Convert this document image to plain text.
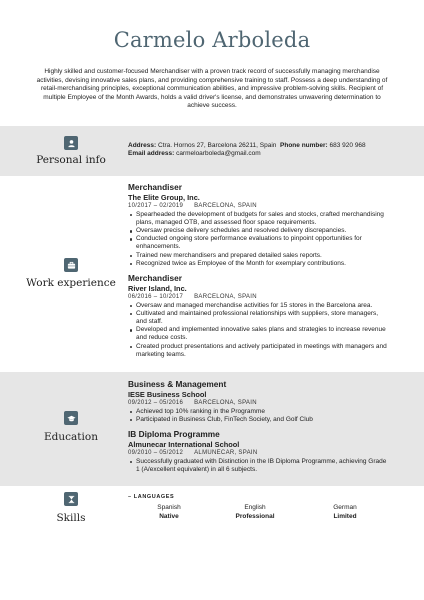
Carmelo Arboleda
Highly skilled and customer-focused Merchandiser with a proven track record of successfully managing merchandise activities, devising innovative sales plans, and providing comprehensive training to staff. Possess a deep understanding of retail-merchandising principles, exceptional communication abilities, and impressive problem-solving skills. Recipient of multiple Employee of the Month Awards, holds a valid driver's license, and demonstrates unwavering determination to achieve success.
Personal info
Address: Ctra. Hornos 27, Barcelona 26211, Spain Phone number: 683 920 968
Email address: carmeloarboleda@gmail.com
Work experience
Merchandiser
The Elite Group, Inc.
10/2017 – 02/2019 BARCELONA, SPAIN
Spearheaded the development of budgets for sales and stocks, crafted merchandising plans, managed OTB, and assessed floor space requirements.
Oversaw precise delivery schedules and resolved delivery discrepancies.
Conducted ongoing store performance evaluations to pinpoint opportunities for enhancements.
Trained new merchandisers and prepared detailed sales reports.
Recognized twice as Employee of the Month for exemplary contributions.
Merchandiser
River Island, Inc.
06/2016 – 10/2017 BARCELONA, SPAIN
Oversaw and managed merchandise activities for 15 stores in the Barcelona area.
Cultivated and maintained professional relationships with suppliers, store managers, and staff.
Developed and implemented innovative sales plans and strategies to increase revenue and reduce costs.
Created product presentations and actively participated in meetings with managers and marketing teams.
Education
Business & Management
IESE Business School
09/2012 – 05/2016 BARCELONA, SPAIN
Achieved top 10% ranking in the Programme
Participated in Business Club, FinTech Society, and Golf Club
IB Diploma Programme
Almunecar International School
09/2010 – 05/2012 ALMUNECAR, SPAIN
Successfully graduated with Distinction in the IB Diploma Programme, achieving Grade 1 (A/excellent equivalent) in all 6 subjects.
Skills
– LANGUAGES
Spanish	English	German
Native	Professional	Limited
